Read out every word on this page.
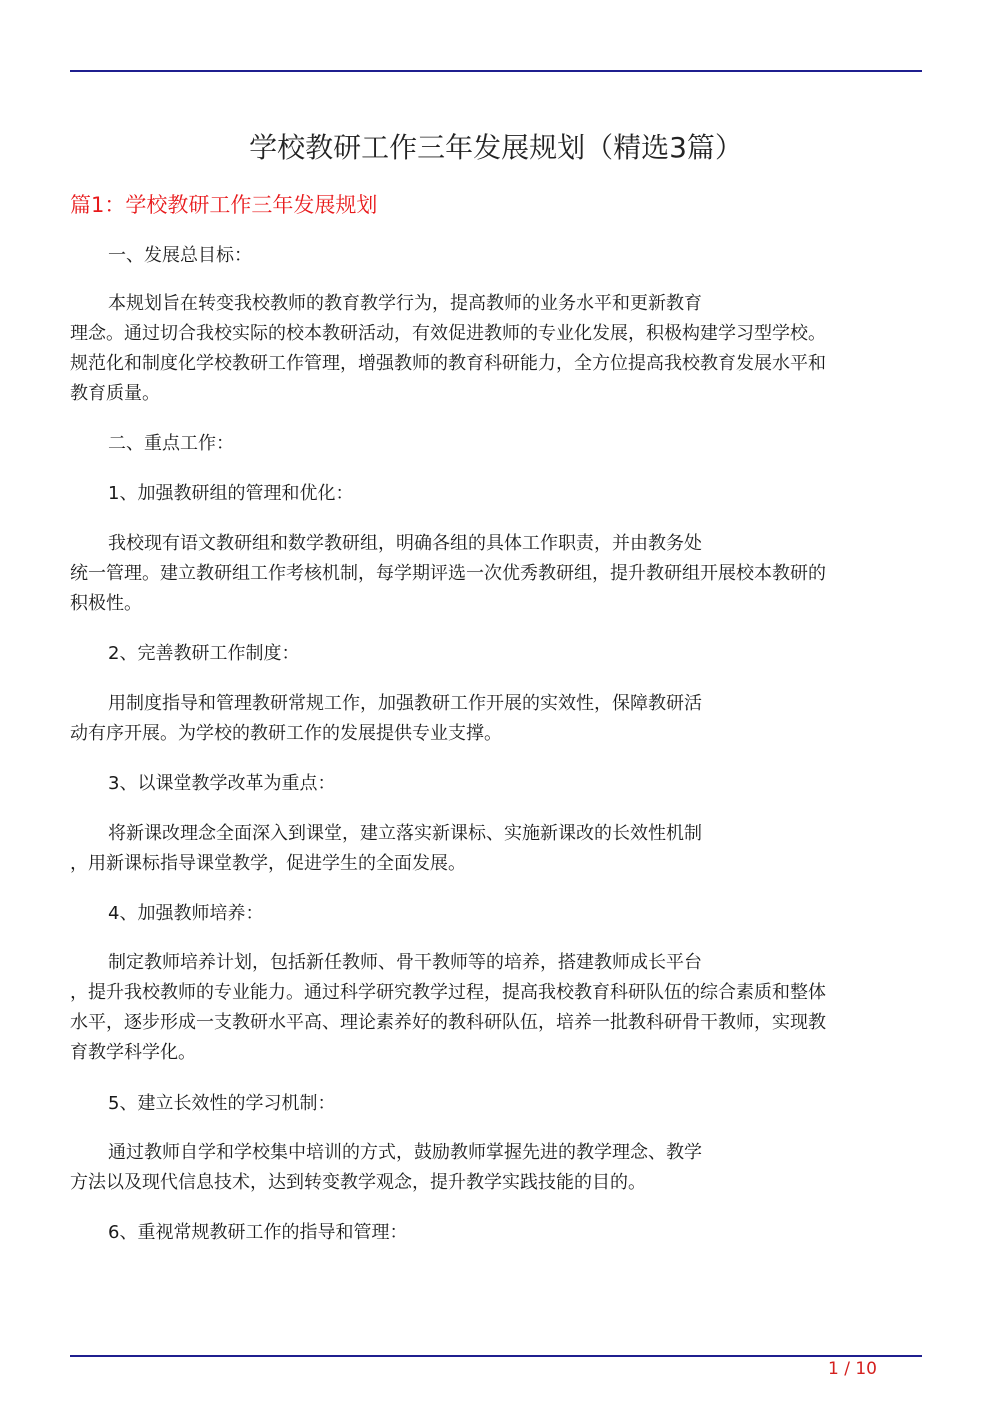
学校教研工作三年发展规划（精选3篇）
篇1：学校教研工作三年发展规划
一、发展总目标：
本规划旨在转变我校教师的教育教学行为，提高教师的业务水平和更新教育
理念。通过切合我校实际的校本教研活动，有效促进教师的专业化发展，积极构建学习型学校。
规范化和制度化学校教研工作管理，增强教师的教育科研能力，全方位提高我校教育发展水平和
教育质量。
二、重点工作：
1、加强教研组的管理和优化：
我校现有语文教研组和数学教研组，明确各组的具体工作职责，并由教务处
统一管理。建立教研组工作考核机制，每学期评选一次优秀教研组，提升教研组开展校本教研的
积极性。
2、完善教研工作制度：
用制度指导和管理教研常规工作，加强教研工作开展的实效性，保障教研活
动有序开展。为学校的教研工作的发展提供专业支撑。
3、以课堂教学改革为重点：
将新课改理念全面深入到课堂，建立落实新课标、实施新课改的长效性机制
，用新课标指导课堂教学，促进学生的全面发展。
4、加强教师培养：
制定教师培养计划，包括新任教师、骨干教师等的培养，搭建教师成长平台
，提升我校教师的专业能力。通过科学研究教学过程，提高我校教育科研队伍的综合素质和整体
水平，逐步形成一支教研水平高、理论素养好的教科研队伍，培养一批教科研骨干教师，实现教
育教学科学化。
5、建立长效性的学习机制：
通过教师自学和学校集中培训的方式，鼓励教师掌握先进的教学理念、教学
方法以及现代信息技术，达到转变教学观念，提升教学实践技能的目的。
6、重视常规教研工作的指导和管理：
1 / 10
